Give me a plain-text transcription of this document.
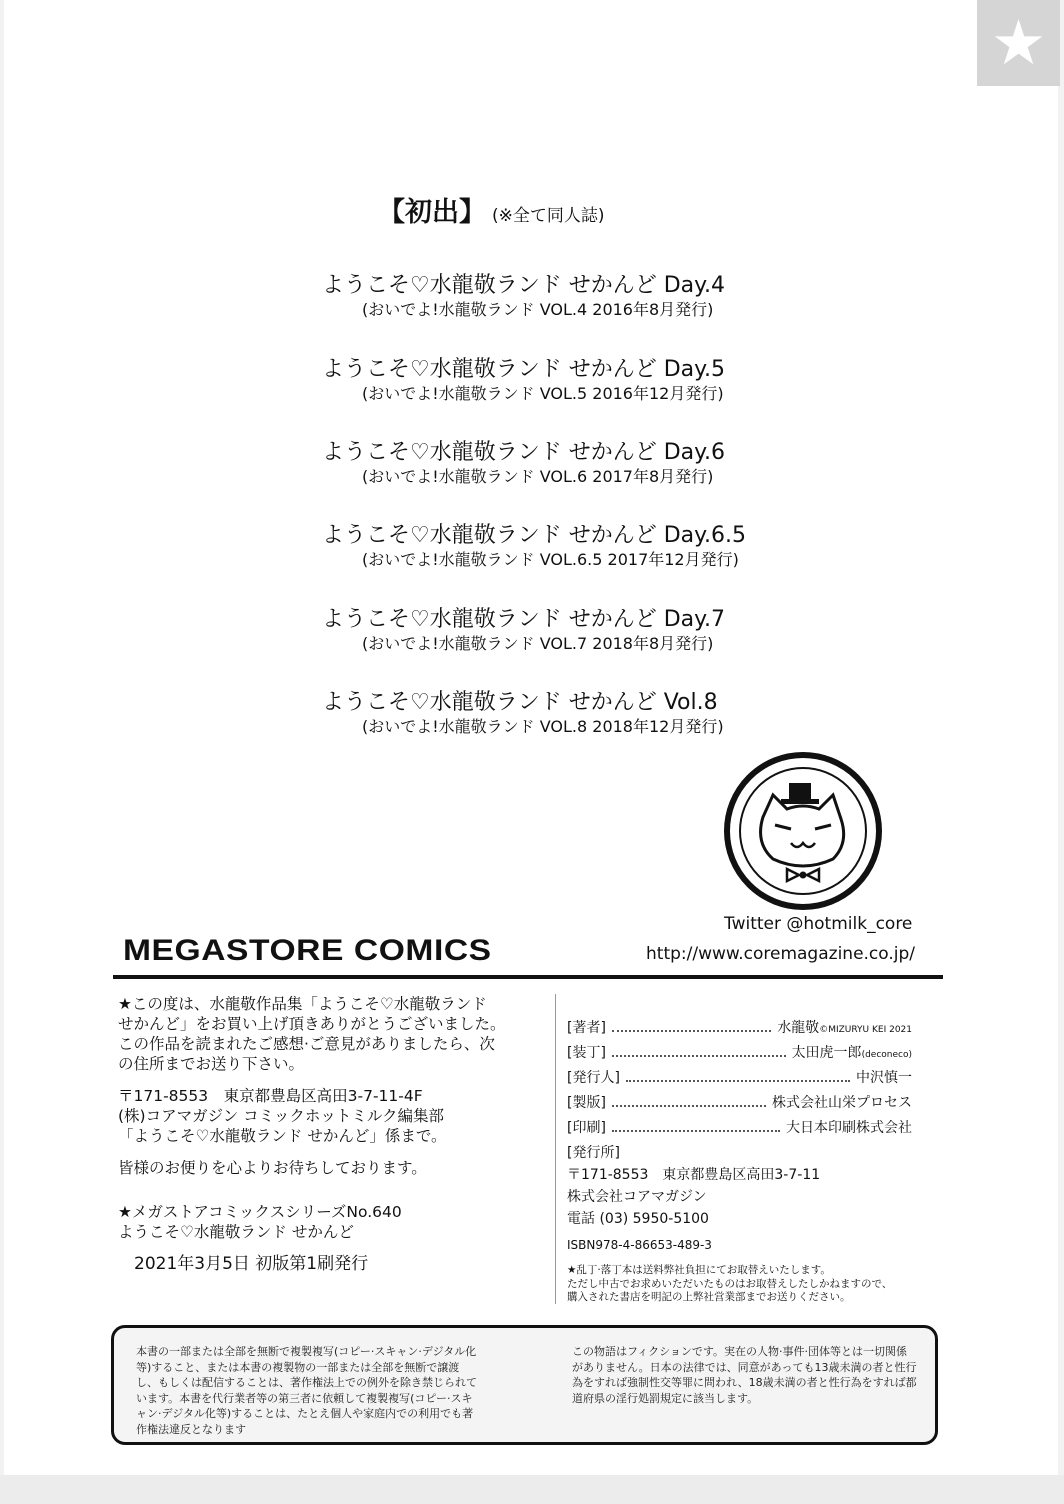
★
【初出】 (※全て同人誌)
ようこそ♡水龍敬ランド せかんど Day.4
(おいでよ!水龍敬ランド VOL.4 2016年8月発行)
ようこそ♡水龍敬ランド せかんど Day.5
(おいでよ!水龍敬ランド VOL.5 2016年12月発行)
ようこそ♡水龍敬ランド せかんど Day.6
(おいでよ!水龍敬ランド VOL.6 2017年8月発行)
ようこそ♡水龍敬ランド せかんど Day.6.5
(おいでよ!水龍敬ランド VOL.6.5 2017年12月発行)
ようこそ♡水龍敬ランド せかんど Day.7
(おいでよ!水龍敬ランド VOL.7 2018年8月発行)
ようこそ♡水龍敬ランド せかんど Vol.8
(おいでよ!水龍敬ランド VOL.8 2018年12月発行)
Twitter @hotmilk_core
http://www.coremagazine.co.jp/
MEGASTORE COMICS

★この度は、水龍敬作品集「ようこそ♡水龍敬ランド

せかんど」をお買い上げ頂きありがとうございました。

この作品を読まれたご感想·ご意見がありましたら、次

の住所までお送り下さい。

〒171-8553　東京都豊島区高田3-7-11-4F

(株)コアマガジン コミックホットミルク編集部

「ようこそ♡水龍敬ランド せかんど」係まで。

皆様のお便りを心よりお待ちしております。

★メガストアコミックスシリーズNo.640

ようこそ♡水龍敬ランド せかんど

2021年3月5日 初版第1刷発行

[著者]	水龍敬©MIZURYU KEI 2021
[装丁]	太田虎一郎(deconeco)
[発行人]	中沢慎一
[製版]	株式会社山栄プロセス
[印刷]	大日本印刷株式会社
[発行所]
〒171-8553　東京都豊島区高田3-7-11
株式会社コアマガジン
電話 (03) 5950-5100
ISBN978-4-86653-489-3
★乱丁·落丁本は送料弊社負担にてお取替えいたします。
ただし中古でお求めいただいたものはお取替えしたしかねますので、
購入された書店を明記の上弊社営業部までお送りください。
本書の一部または全部を無断で複製複写(コピー·スキャン·デジタル化等)すること、または本書の複製物の一部または全部を無断で譲渡し、もしくは配信することは、著作権法上での例外を除き禁じられています。本書を代行業者等の第三者に依頼して複製複写(コピー·スキャン·デジタル化等)することは、たとえ個人や家庭内での利用でも著作権法違反となります
この物語はフィクションです。実在の人物·事件·団体等とは一切関係がありません。日本の法律では、同意があっても13歳未満の者と性行為をすれば強制性交等罪に問われ、18歳未満の者と性行為をすれば都道府県の淫行処罰規定に該当します。
